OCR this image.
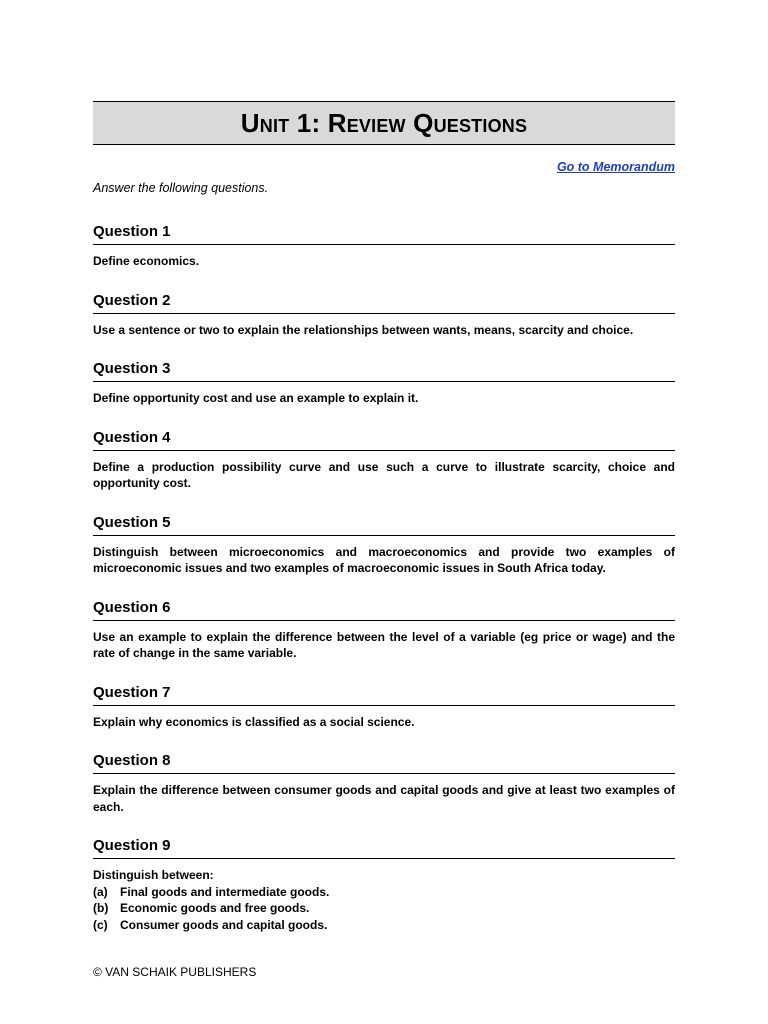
Unit 1: Review Questions
Go to Memorandum
Answer the following questions.
Question 1
Define economics.
Question 2
Use a sentence or two to explain the relationships between wants, means, scarcity and choice.
Question 3
Define opportunity cost and use an example to explain it.
Question 4
Define a production possibility curve and use such a curve to illustrate scarcity, choice and opportunity cost.
Question 5
Distinguish between microeconomics and macroeconomics and provide two examples of microeconomic issues and two examples of macroeconomic issues in South Africa today.
Question 6
Use an example to explain the difference between the level of a variable (eg price or wage) and the rate of change in the same variable.
Question 7
Explain why economics is classified as a social science.
Question 8
Explain the difference between consumer goods and capital goods and give at least two examples of each.
Question 9
Distinguish between:
(a)	Final goods and intermediate goods.
(b) Economic goods and free goods.
(c)	Consumer goods and capital goods.
© VAN SCHAIK PUBLISHERS
